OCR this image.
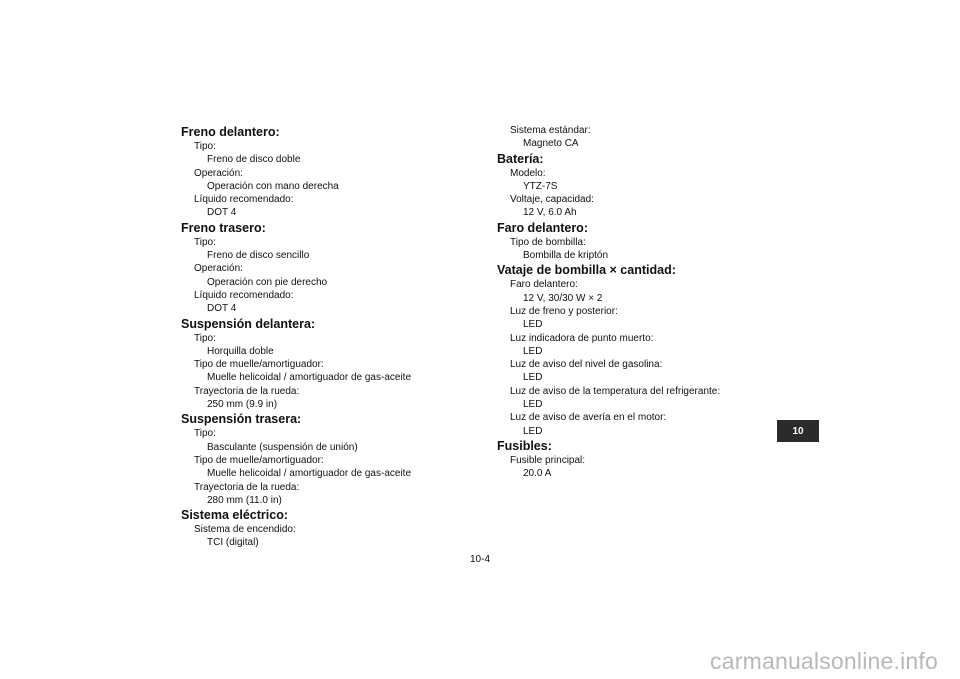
Freno delantero:
Tipo:
Freno de disco doble
Operación:
Operación con mano derecha
Líquido recomendado:
DOT 4
Freno trasero:
Tipo:
Freno de disco sencillo
Operación:
Operación con pie derecho
Líquido recomendado:
DOT 4
Suspensión delantera:
Tipo:
Horquilla doble
Tipo de muelle/amortiguador:
Muelle helicoidal / amortiguador de gas-aceite
Trayectoria de la rueda:
250 mm (9.9 in)
Suspensión trasera:
Tipo:
Basculante (suspensión de unión)
Tipo de muelle/amortiguador:
Muelle helicoidal / amortiguador de gas-aceite
Trayectoria de la rueda:
280 mm (11.0 in)
Sistema eléctrico:
Sistema de encendido:
TCI (digital)
Sistema estándar:
Magneto CA
Batería:
Modelo:
YTZ-7S
Voltaje, capacidad:
12 V, 6.0 Ah
Faro delantero:
Tipo de bombilla:
Bombilla de kriptón
Vataje de bombilla × cantidad:
Faro delantero:
12 V, 30/30 W × 2
Luz de freno y posterior:
LED
Luz indicadora de punto muerto:
LED
Luz de aviso del nivel de gasolina:
LED
Luz de aviso de la temperatura del refrigerante:
LED
Luz de aviso de avería en el motor:
LED
Fusibles:
Fusible principal:
20.0 A
10
10-4
carmanualsonline.info
